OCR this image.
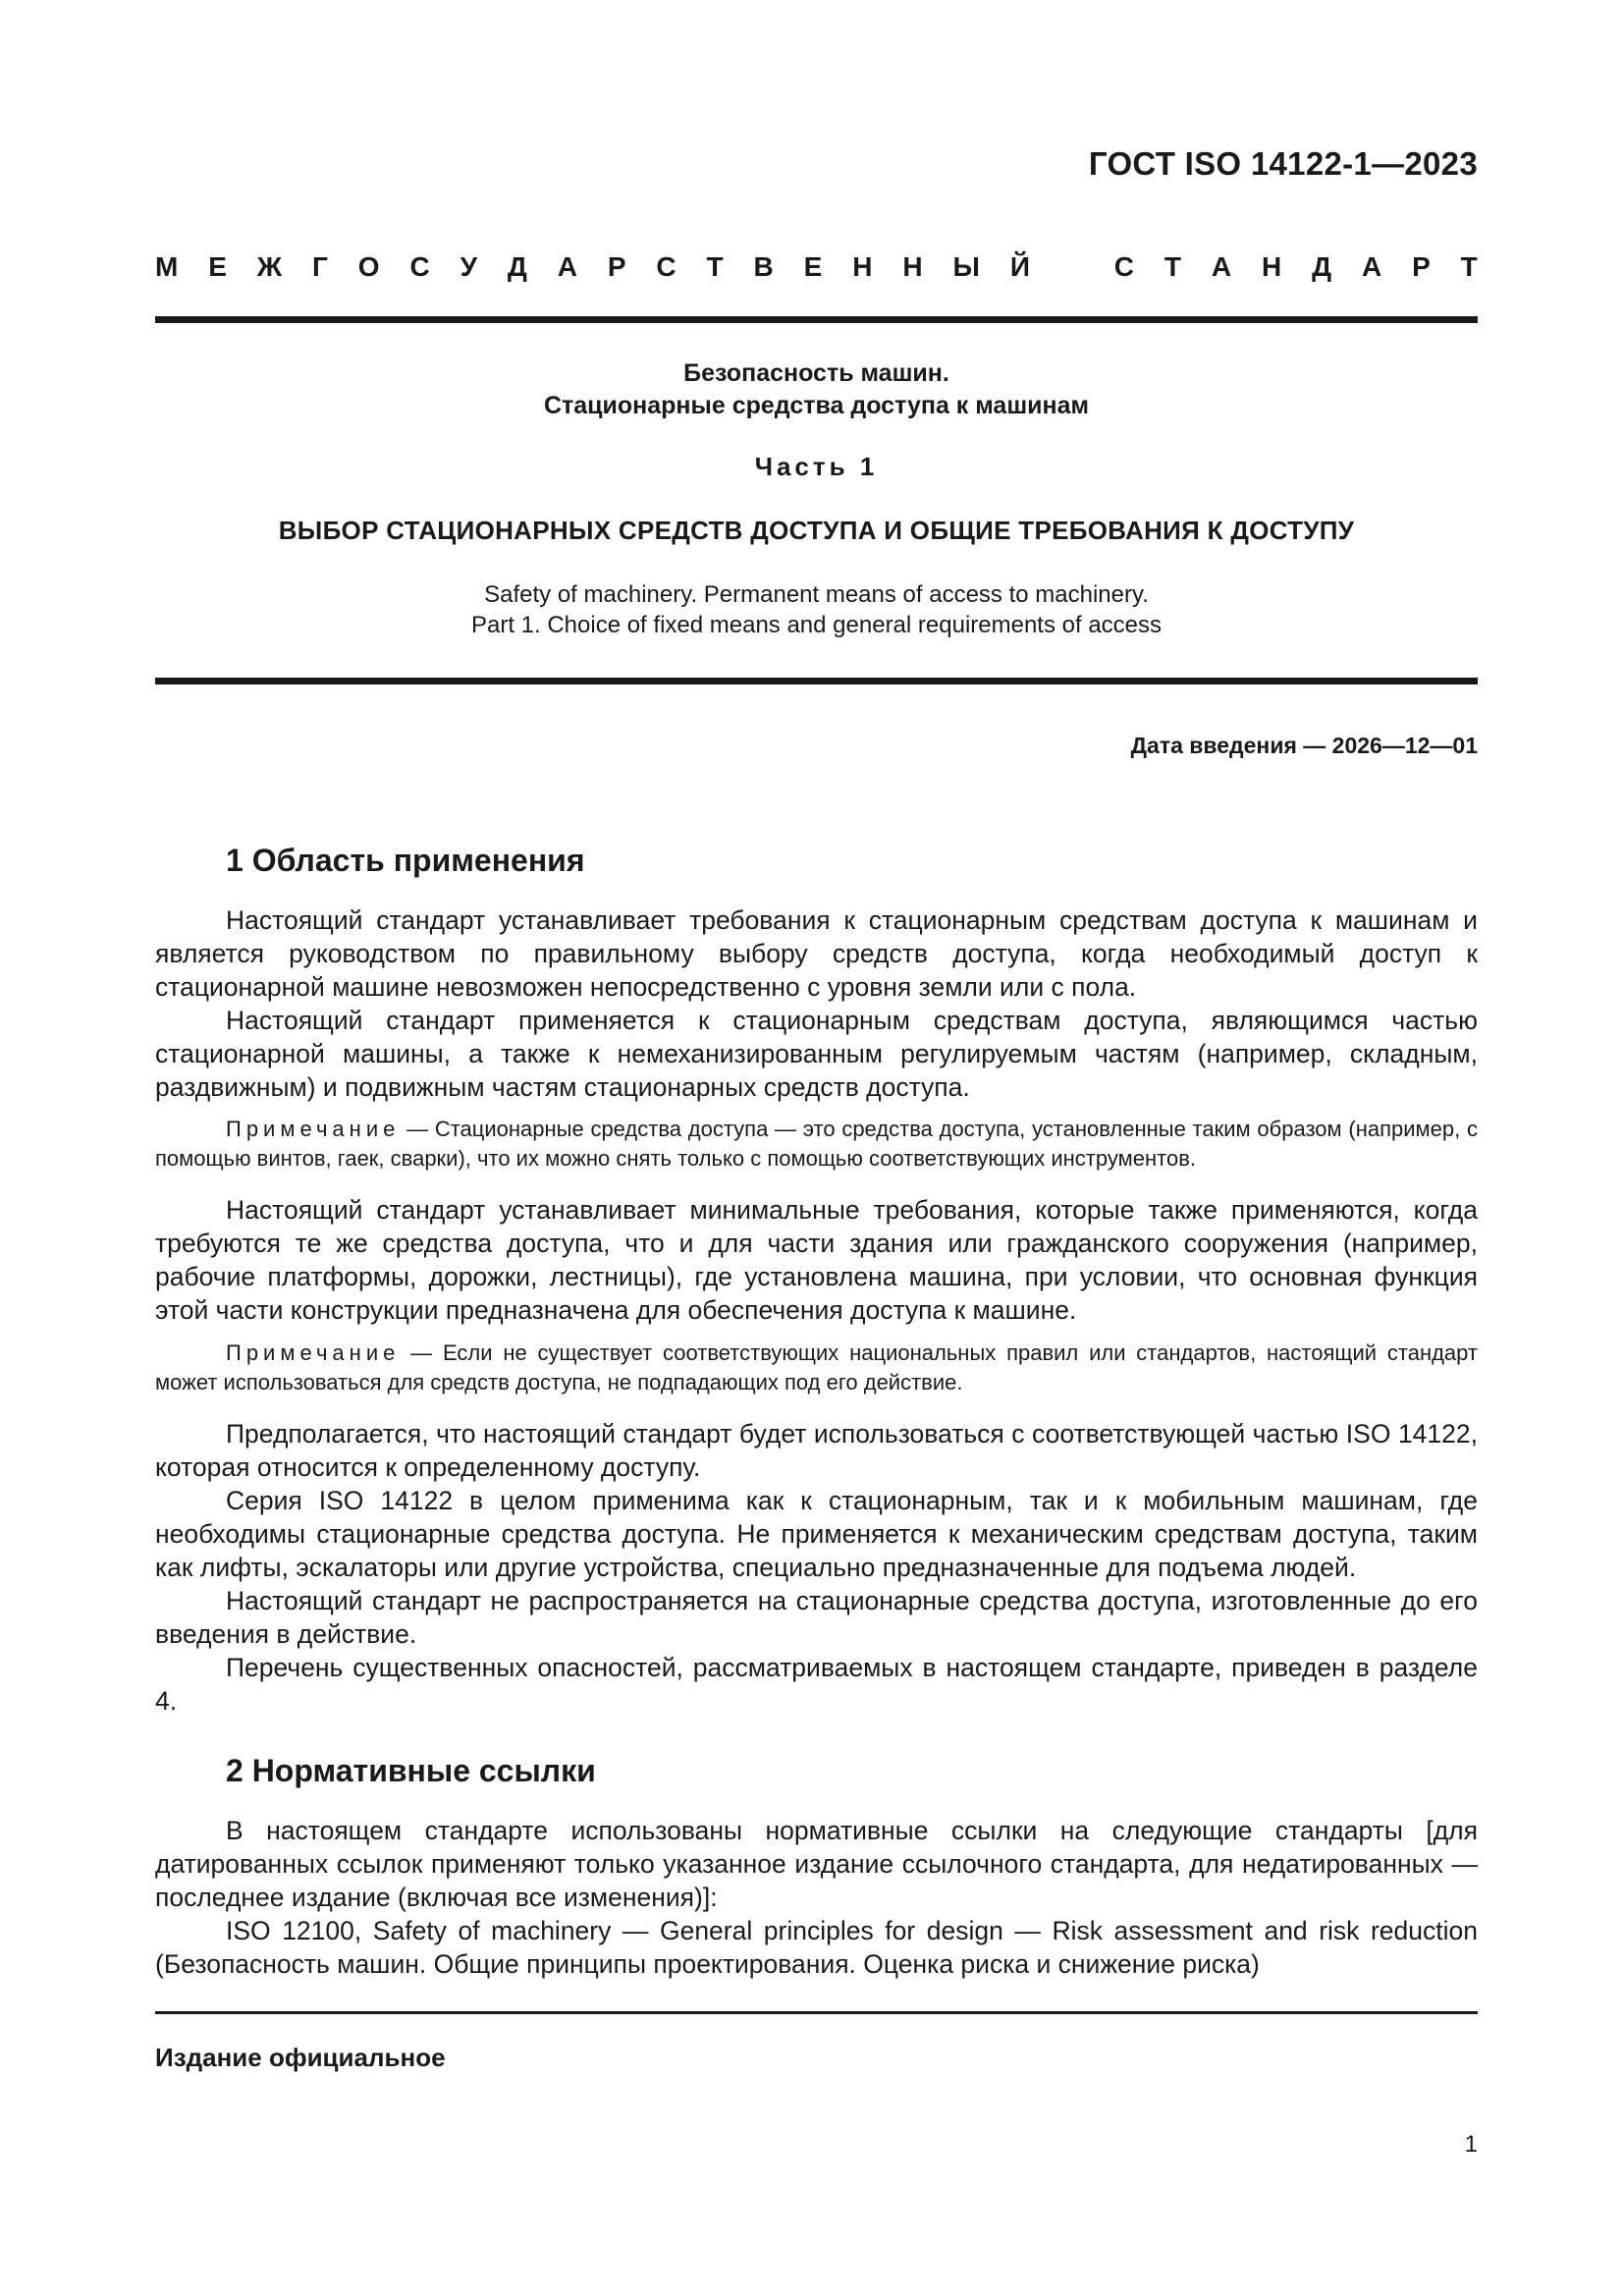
ГОСТ ISO 14122-1—2023
М Е Ж Г О С У Д А Р С Т В Е Н Н Ы Й	С Т А Н Д А Р Т
Безопасность машин.
Стационарные средства доступа к машинам
Часть 1
ВЫБОР СТАЦИОНАРНЫХ СРЕДСТВ ДОСТУПА И ОБЩИЕ ТРЕБОВАНИЯ К ДОСТУПУ
Safety of machinery. Permanent means of access to machinery.
Part 1. Choice of fixed means and general requirements of access
Дата введения — 2026—12—01
1 Область применения

Настоящий стандарт устанавливает требования к стационарным средствам доступа к машинам и является руководством по правильному выбору средств доступа, когда необходимый доступ к стационарной машине невозможен непосредственно с уровня земли или с пола.

Настоящий стандарт применяется к стационарным средствам доступа, являющимся частью стационарной машины, а также к немеханизированным регулируемым частям (например, складным, раздвижным) и подвижным частям стационарных средств доступа.

Примечание — Стационарные средства доступа — это средства доступа, установленные таким образом (например, с помощью винтов, гаек, сварки), что их можно снять только с помощью соответствующих инструментов.

Настоящий стандарт устанавливает минимальные требования, которые также применяются, когда требуются те же средства доступа, что и для части здания или гражданского сооружения (например, рабочие платформы, дорожки, лестницы), где установлена машина, при условии, что основная функция этой части конструкции предназначена для обеспечения доступа к машине.

Примечание — Если не существует соответствующих национальных правил или стандартов, настоящий стандарт может использоваться для средств доступа, не подпадающих под его действие.

Предполагается, что настоящий стандарт будет использоваться с соответствующей частью ISO 14122, которая относится к определенному доступу.

Серия ISO 14122 в целом применима как к стационарным, так и к мобильным машинам, где необходимы стационарные средства доступа. Не применяется к механическим средствам доступа, таким как лифты, эскалаторы или другие устройства, специально предназначенные для подъема людей.

Настоящий стандарт не распространяется на стационарные средства доступа, изготовленные до его введения в действие.

Перечень существенных опасностей, рассматриваемых в настоящем стандарте, приведен в разделе 4.

2 Нормативные ссылки

В настоящем стандарте использованы нормативные ссылки на следующие стандарты [для датированных ссылок применяют только указанное издание ссылочного стандарта, для недатированных — последнее издание (включая все изменения)]:

ISO 12100, Safety of machinery — General principles for design — Risk assessment and risk reduction (Безопасность машин. Общие принципы проектирования. Оценка риска и снижение риска)

Издание официальное
1
